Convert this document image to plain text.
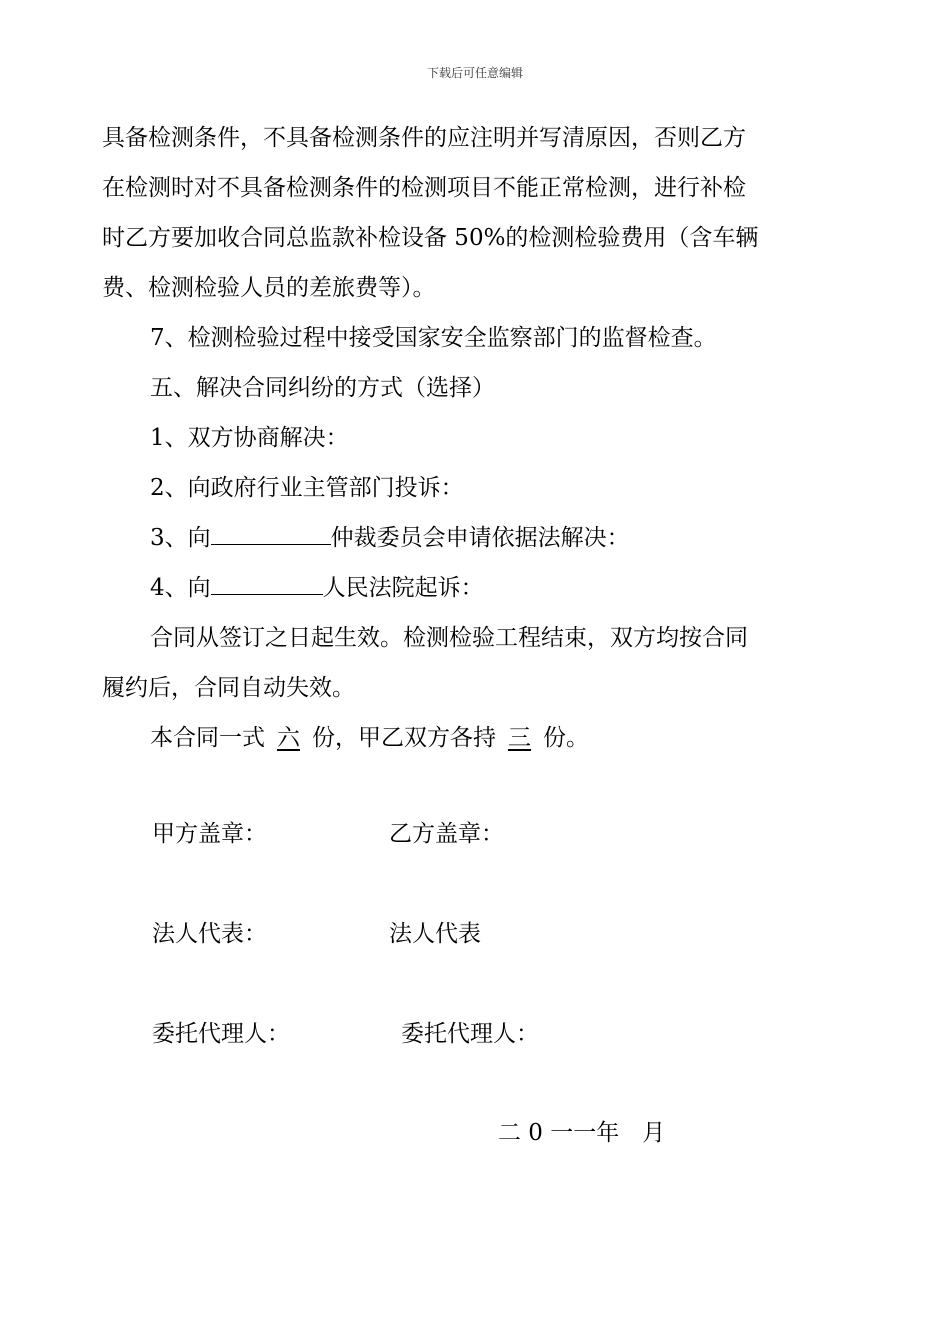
下载后可任意编辑

具备检测条件，不具备检测条件的应注明并写清原因，否则乙方

在检测时对不具备检测条件的检测项目不能正常检测，进行补检

时乙方要加收合同总监款补检设备 50%的检测检验费用（含车辆

费、检测检验人员的差旅费等）。

7、检测检验过程中接受国家安全监察部门的监督检查。

五、解决合同纠纷的方式（选择）

1、双方协商解决：

2、向政府行业主管部门投诉：

3、向	仲裁委员会申请依据法解决：

4、向	人民法院起诉：

合同从签订之日起生效。检测检验工程结束，双方均按合同

履约后，合同自动失效。

本合同一式 六 份，甲乙双方各持 三 份。

甲方盖章：	乙方盖章：
法人代表：	法人代表
委托代理人：	委托代理人：
二 0 一一年　月
